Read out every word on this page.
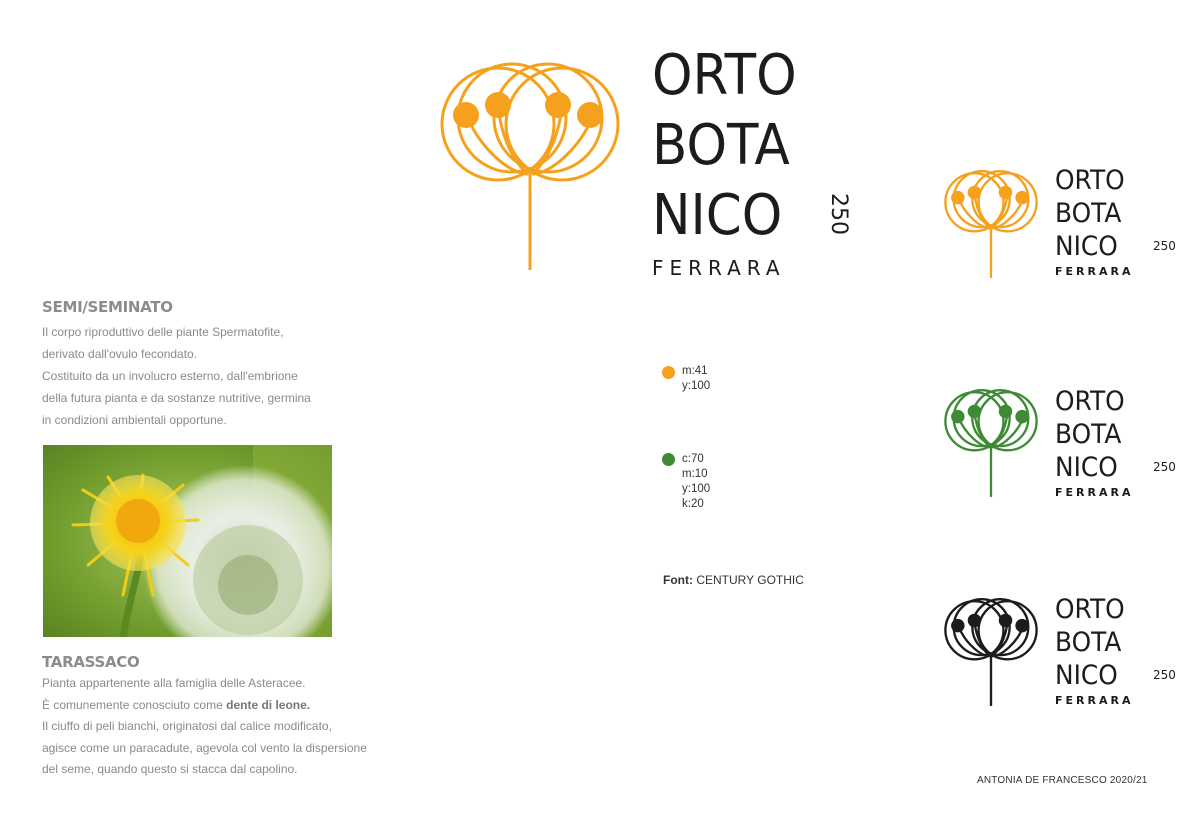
SEMI/SEMINATO
Il corpo riproduttivo delle piante Spermatofite,
derivato dall'ovulo fecondato.
Costituito da un involucro esterno, dall'embrione
della futura pianta e da sostanze nutritive, germina
in condizioni ambientali opportune.
TARASSACO
Pianta appartenente alla famiglia delle Asteracee.
È comunemente conosciuto come dente di leone.
Il ciuffo di peli bianchi, originatosi dal calice modificato,
agisce come un paracadute, agevola col vento la dispersione
del seme, quando questo si stacca dal capolino.
ORTO
BOTA
NICO
FERRARA
250
m:41
y:100
c:70
m:10
y:100
k:20
Font: CENTURY GOTHIC
ORTO
BOTA
NICO
FERRARA
250
ORTO
BOTA
NICO
FERRARA
250
ORTO
BOTA
NICO
FERRARA
250
ANTONIA DE FRANCESCO 2020/21
